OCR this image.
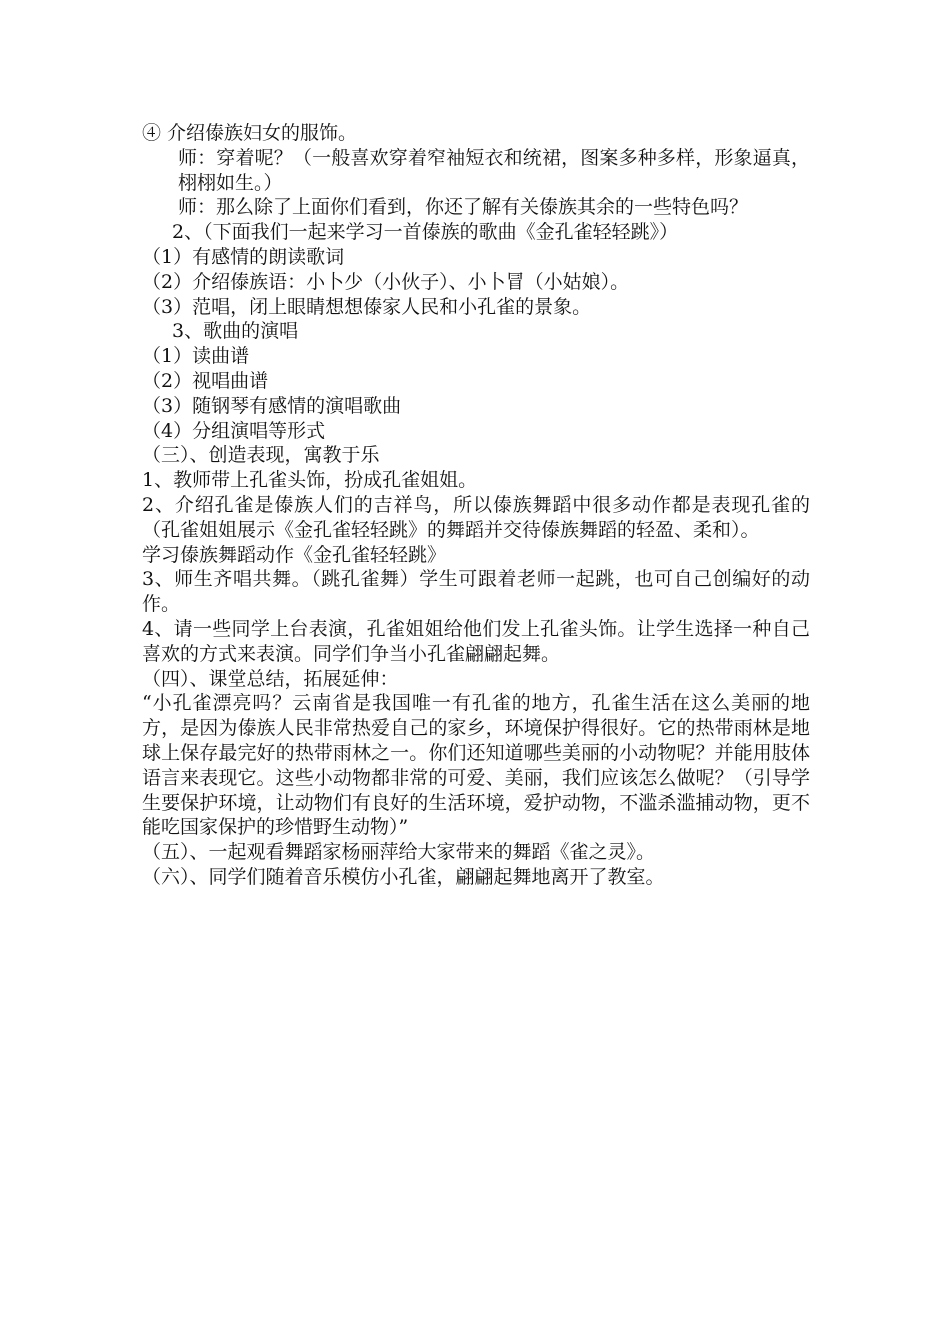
④ 介绍傣族妇女的服饰。

师：穿着呢？（一般喜欢穿着窄袖短衣和统裙，图案多种多样，形象逼真，栩栩如生。）

师：那么除了上面你们看到，你还了解有关傣族其余的一些特色吗？

2、（下面我们一起来学习一首傣族的歌曲《金孔雀轻轻跳》）

（1）有感情的朗读歌词

（2）介绍傣族语：小卜少（小伙子）、小卜冒（小姑娘）。

（3）范唱，闭上眼睛想想傣家人民和小孔雀的景象。

3、歌曲的演唱

（1）读曲谱

（2）视唱曲谱

（3）随钢琴有感情的演唱歌曲

（4）分组演唱等形式

（三）、创造表现，寓教于乐

1、教师带上孔雀头饰，扮成孔雀姐姐。

2、介绍孔雀是傣族人们的吉祥鸟，所以傣族舞蹈中很多动作都是表现孔雀的（孔雀姐姐展示《金孔雀轻轻跳》的舞蹈并交待傣族舞蹈的轻盈、柔和）。

学习傣族舞蹈动作《金孔雀轻轻跳》

3、师生齐唱共舞。（跳孔雀舞）学生可跟着老师一起跳，也可自己创编好的动作。

4、请一些同学上台表演，孔雀姐姐给他们发上孔雀头饰。让学生选择一种自己喜欢的方式来表演。同学们争当小孔雀翩翩起舞。

（四）、课堂总结，拓展延伸：

“小孔雀漂亮吗？云南省是我国唯一有孔雀的地方，孔雀生活在这么美丽的地方，是因为傣族人民非常热爱自己的家乡，环境保护得很好。它的热带雨林是地球上保存最完好的热带雨林之一。你们还知道哪些美丽的小动物呢？并能用肢体语言来表现它。这些小动物都非常的可爱、美丽，我们应该怎么做呢？（引导学生要保护环境，让动物们有良好的生活环境，爱护动物，不滥杀滥捕动物，更不能吃国家保护的珍惜野生动物）”

（五）、一起观看舞蹈家杨丽萍给大家带来的舞蹈《雀之灵》。

（六）、同学们随着音乐模仿小孔雀，翩翩起舞地离开了教室。
